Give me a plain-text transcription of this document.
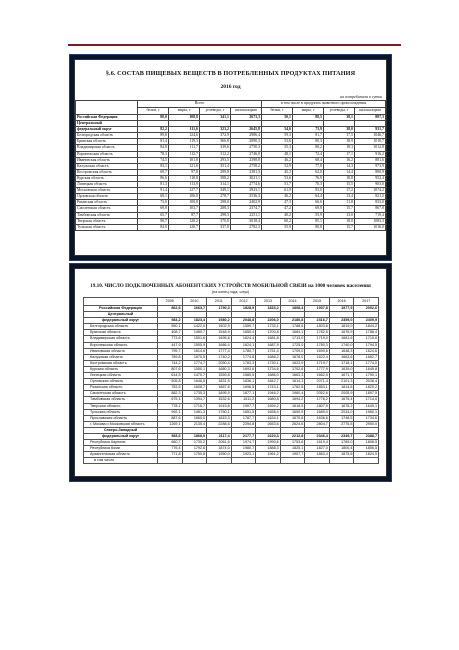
§.6. СОСТАВ ПИЩЕВЫХ ВЕЩЕСТВ В ПОТРЕБЛЕННЫХ ПРОДУКТАХ ПИТАНИЯ
2016 год
на потребителя в сутки
	Всего				в том числе в продуктах животного происхождения			
	белки, г	жиры, г	углеводы, г	килокалории	белки, г	жиры, г	углеводы, г	килокалории
Российская Федерация	80,0	108,8	341,1	2673,3	50,1	88,5	38,1	887,3
Центральный								
федеральный округ	82,2	111,6	323,2	2645,8	54,6	73,9	38,0	931,7
Белгородская область	89,8	124,6	372,9	2986,4	59,3	81,7	17,5	1046,7
Брянская область	81,4	119,3	366,8	2890,3	53,6	80,3	18,9	1010,7
Владимирская область	84,8	111,7	339,6	2750,3	55,3	80,2	18,3	1012,8
Воронежская область	78,3	112,7	312,2	2746,0	48,1	72,4	17,1	916,2
Ивановская область	74,5	101,8	293,5	2398,8	46,2	68,4	16,2	881,6
Калужская область	83,1	121,6	351,4	2758,2	52,9	77,8	14,3	973,9
Костромская область	69,7	97,0	299,8	2381,3	45,3	62,0	14,4	800,9
Курская область	86,6	118,8	398,2	3021,1	53,6	76,9	18,8	952,4
Липецкая область	81,3	113,9	314,1	2774,6	51,7	70,3	15,5	903,0
Московская область	91,4	127,7	349,1	2923,1	61,9	83,0	17,2	1074,2
Орловская область	69,1	106,0	278,7	2536,3	46,2	64,4	13,4	821,5
Рязанская область	73,0	100,8	298,0	2402,9	47,3	66,0	11,8	833,0
Смоленская область	69,8	103,7	288,3	2374,7	47,2	69,8	15,7	867,8
Тамбовская область	65,7	87,7	298,3	2251,1	40,2	55,9	13,0	719,4
Тверская область	90,7	120,2	370,0	3018,4	60,2	85,1	18,0	1083,3
Тульская область	84,0	120,7	337,0	2782,3	55,9	80,8	15,7	1016,0
19.10. ЧИСЛО ПОДКЛЮЧЕННЫХ АБОНЕНТСКИХ УСТРОЙСТВ МОБИЛЬНОЙ СВЯЗИ на 1000 человек населения
(на конец года; штук)
	2005	2010	2011	2012	2013	2014	2015	2016	2017
Российская Федерация	862,6	1663,7	1790,3	1828,9	1833,2	1808,4	1937,8	1977,9	2002,6
Центральный									
федеральный округ	983,2	1823,4	1980,2	2048,8	2206,0	2180,8	2316,7	2359,0	2409,9
Белгородская область	550,1	1422,0	1502,9	1559,7	1733,1	1788,6	1803,6	1819,0	1844,2
Брянская область	408,7	1480,7	1548,9	1650,4	1700,8	1684,1	1782,6	1676,9	1788,4
Владимирская область	773,6	1501,6	1695,6	1624,4	1681,8	1713,0	1719,0	1681,6	1715,6
Воронежская область	447,9	1505,9	1686,4	1624,1	1687,9	1725,0	1780,3	1740,0	1794,5
Ивановская область	795,7	1614,6	1777,4	1780,7	1751,4	1709,0	1690,6	1648,3	1624,6
Калужская область	789,8	1670,5	1740,2	1774,8	1686,2	1678,0	1622,4	1663,6	1662,7
Костромская область	744,2	1774,7	2050,4	1783,3	1730,1	1623,9	1719,7	1718,1	1774,0
Курская область	807,6	1550,1	1680,3	1693,6	1734,6	1702,6	1777,9	1639,0	1649,8
Липецкая область	614,5	1470,7	1559,8	1580,5	1686,0	1663,3	1662,5	1671,7	1790,1
Орловская область	505,8	1646,5	1831,5	1836,1	1842,7	1614,3	2071,4	2101,3	2038,4
Рязанская область	783,5	1608,7	1867,6	1696,5	1743,1	1762,8	1853,1	1814,6	1820,2
Смоленская область	882,3	1735,3	1895,9	1877,1	1946,2	1960,4	2052,6	2005,9	1897,5
Тамбовская область	675,1	1394,7	1532,6	1611,2	1680,8	1694,2	1776,2	1675,4	1714,0
Тверская область	778,1	1716,7	1919,8	1907,7	1694,2	1616,5	1807,9	1678,2	1649,1
Тульская область	992,1	1481,3	1760,1	1651,5	1658,4	1650,9	1689,0	2034,0	1960,1
Ярославская область	887,6	1660,0	1815,3	1787,7	1634,1	1670,8	1636,6	1748,5	1734,6
г. Москва и Московская область	1269,1	2135,4	2288,6	2394,8	2653,6	2624,6	2804,7	2775,5	2900,0
Северо-Западный									
федеральный округ	983,6	1868,9	2117,4	2177,7	2220,3	2212,8	2346,4	2349,7	2388,7
Республика Карелия	660,7	1730,2	2061,6	1974,7	1990,6	1753,6	1619,4	1789,0	1808,5
Республика Коми	776,4	1792,6	1874,0	1980,7	1888,3	1825,1	1827,0	1800,4	1856,5
Архангельская область	771,8	1750,8	1950,0	1923,1	1961,2	1907,7	1863,4	1875,6	1824,5
в том числе									
